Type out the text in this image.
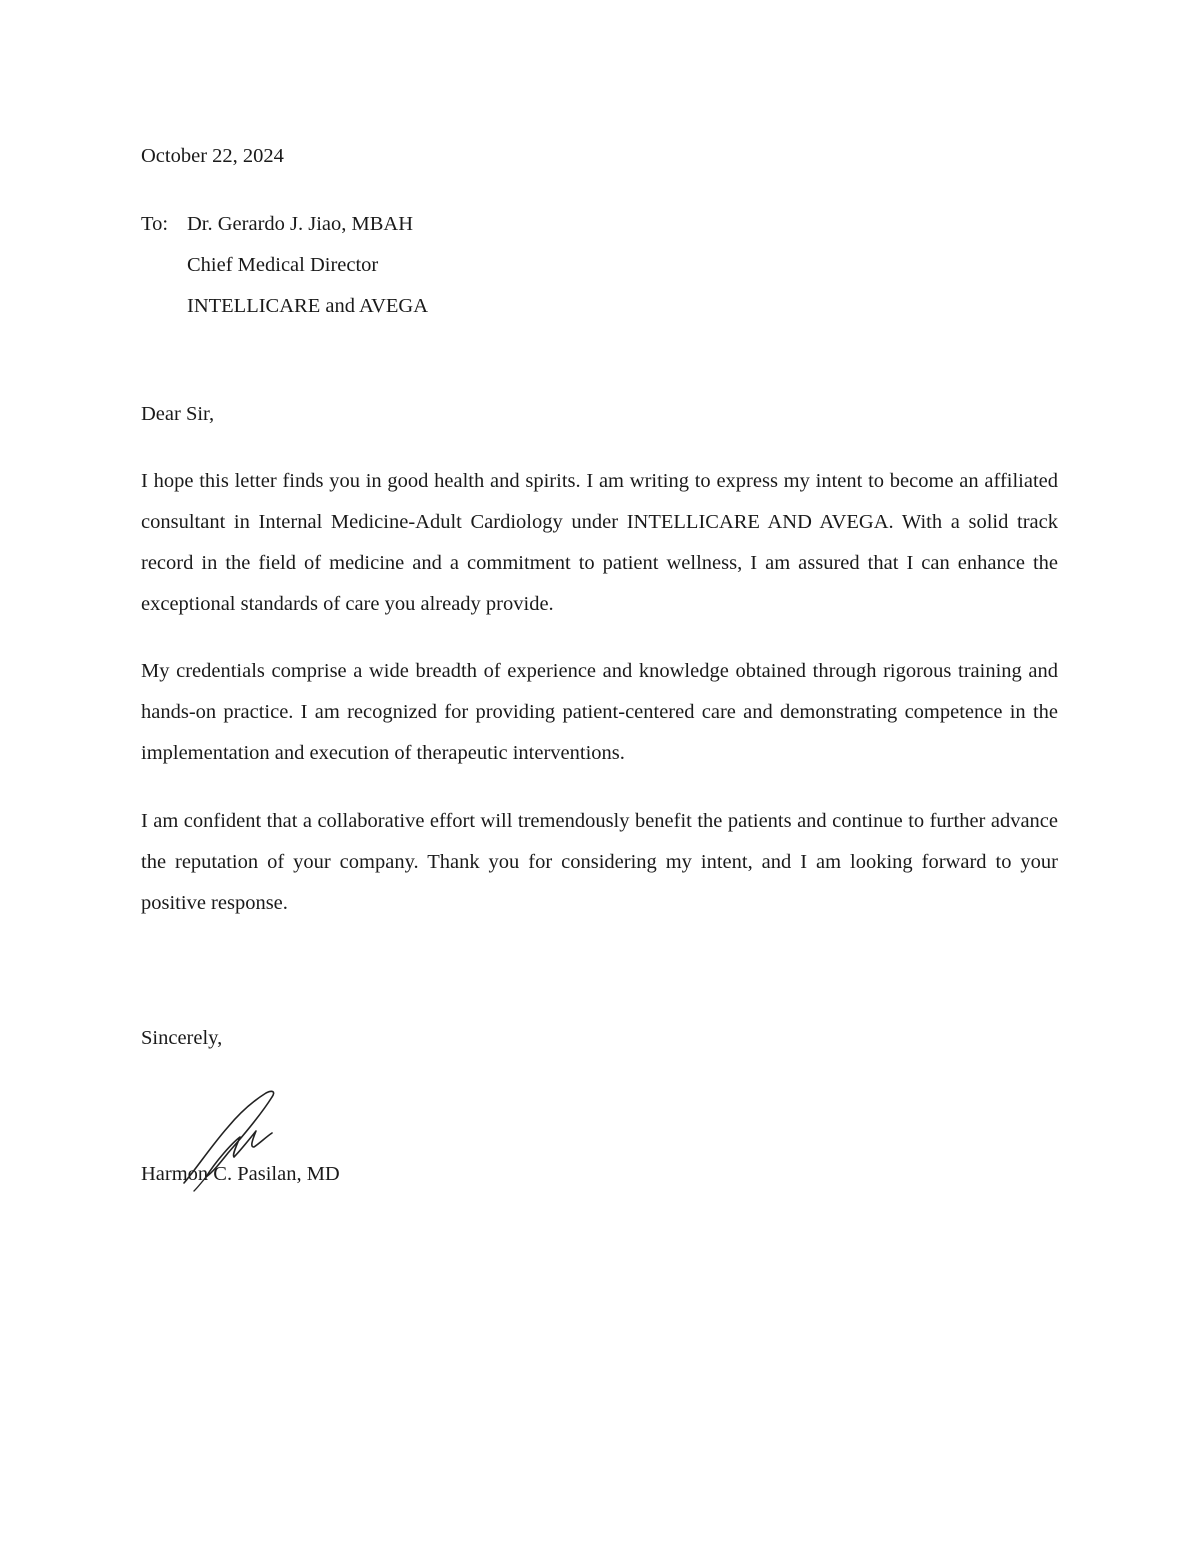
October 22, 2024
To: Dr. Gerardo J. Jiao, MBAH
Chief Medical Director
INTELLICARE and AVEGA
Dear Sir,

I hope this letter finds you in good health and spirits. I am writing to express my intent to become an affiliated consultant in Internal Medicine-Adult Cardiology under INTELLICARE AND AVEGA. With a solid track record in the field of medicine and a commitment to patient wellness, I am assured that I can enhance the exceptional standards of care you already provide.

My credentials comprise a wide breadth of experience and knowledge obtained through rigorous training and hands-on practice. I am recognized for providing patient-centered care and demonstrating competence in the implementation and execution of therapeutic interventions.

I am confident that a collaborative effort will tremendously benefit the patients and continue to further advance the reputation of your company. Thank you for considering my intent, and I am looking forward to your positive response.

Sincerely,
Harmon C. Pasilan, MD
